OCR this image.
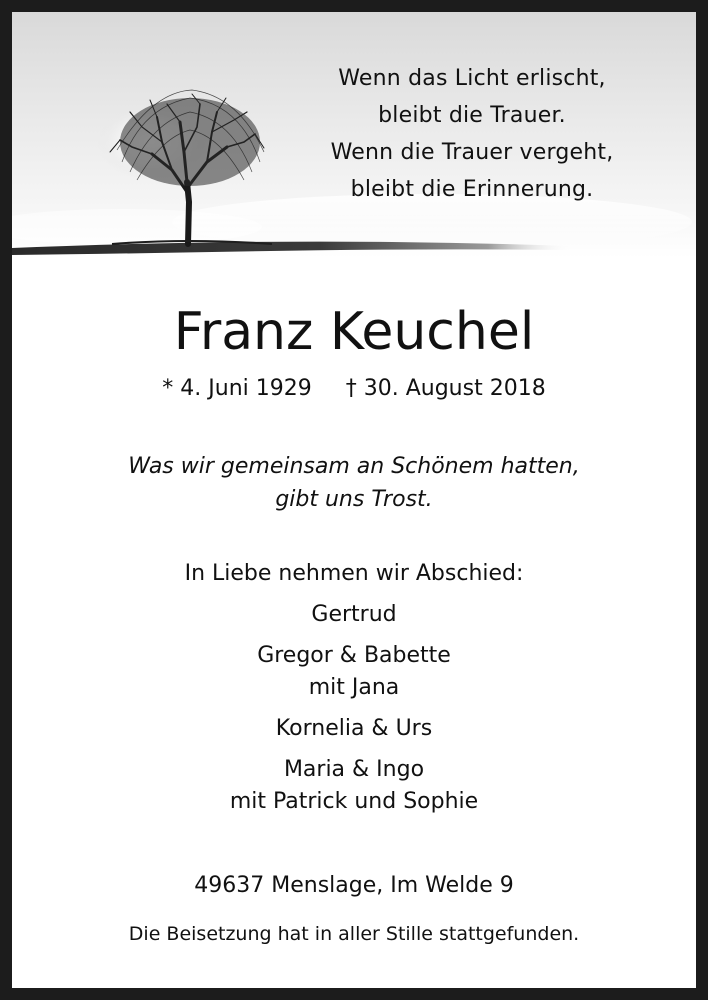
Wenn das Licht erlischt,
bleibt die Trauer.
Wenn die Trauer vergeht,
bleibt die Erinnerung.
Franz Keuchel
* 4. Juni 1929 † 30. August 2018
Was wir gemeinsam an Schönem hatten,
gibt uns Trost.
In Liebe nehmen wir Abschied:
Gertrud
Gregor & Babette
mit Jana
Kornelia & Urs
Maria & Ingo
mit Patrick und Sophie
49637 Menslage, Im Welde 9
Die Beisetzung hat in aller Stille stattgefunden.
